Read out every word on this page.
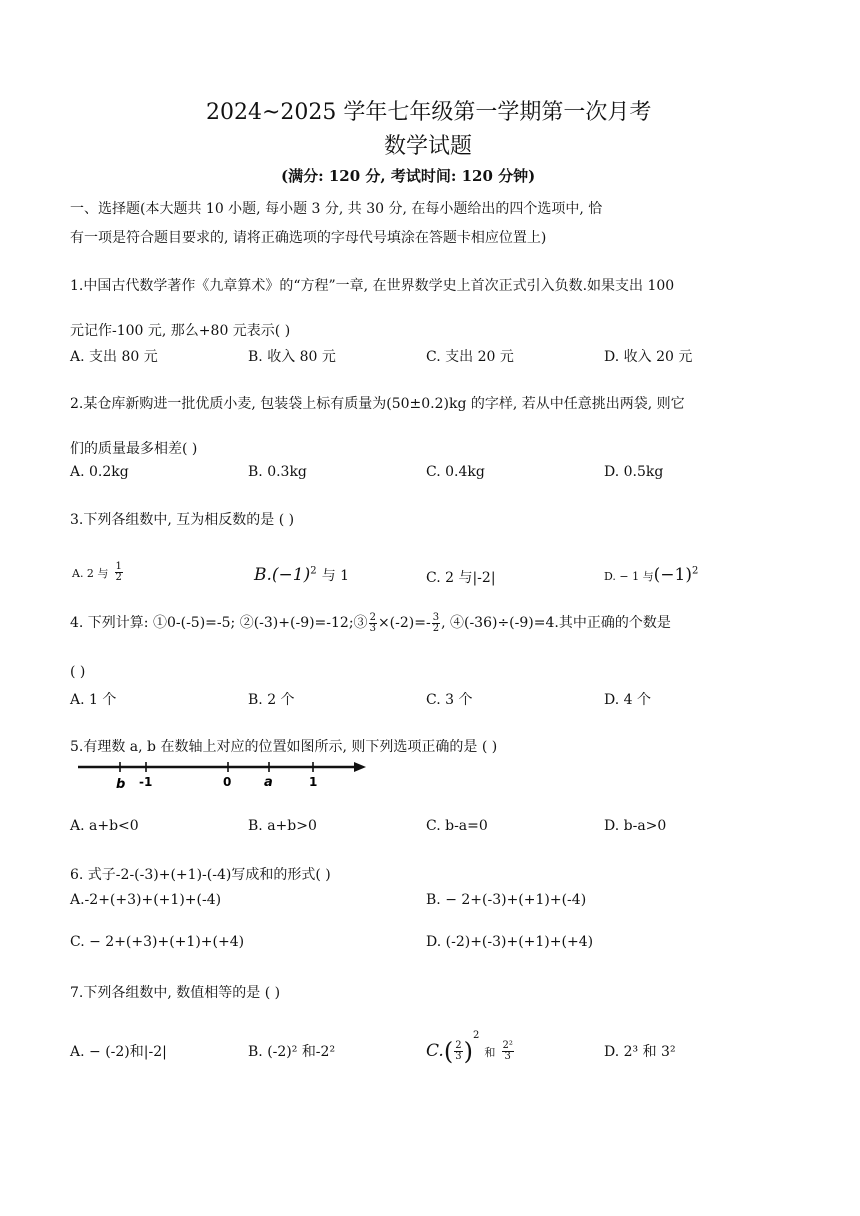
2024~2025 学年七年级第一学期第一次月考
数学试题
(满分: 120 分, 考试时间: 120 分钟)
一、选择题(本大题共 10 小题, 每小题 3 分, 共 30 分, 在每小题给出的四个选项中, 恰
有一项是符合题目要求的, 请将正确选项的字母代号填涂在答题卡相应位置上)
1.中国古代数学著作《九章算术》的“方程”一章, 在世界数学史上首次正式引入负数.如果支出 100
元记作-100 元, 那么+80 元表示( )
A. 支出 80 元	B. 收入 80 元	C. 支出 20 元	D. 收入 20 元
2.某仓库新购进一批优质小麦, 包装袋上标有质量为(50±0.2)kg 的字样, 若从中任意挑出两袋, 则它
们的质量最多相差( )
A. 0.2kg	B. 0.3kg	C. 0.4kg	D. 0.5kg
3.下列各组数中, 互为相反数的是 ( )
A. 2 与 $\frac{1}{2}$	$B.(-1)^2$ 与 1	C. 2 与|-2|	D. − 1 与$(-1)^2$
4. 下列计算: ①0-(-5)=-5; ②(-3)+(-9)=-12;③ $\frac{2}{3} \times(-2)=- \frac{3}{2}$ , ④(-36)÷(-9)=4.其中正确的个数是
( )
A. 1 个	B. 2 个	C. 3 个	D. 4 个
5.有理数 a, b 在数轴上对应的位置如图所示, 则下列选项正确的是 ( )
b -1	0	a	1
A. a+b<0	B. a+b>0	C. b-a=0	D. b-a>0
6. 式子-2-(-3)+(+1)-(-4)写成和的形式( )
A.-2+(+3)+(+1)+(-4)	B. − 2+(-3)+(+1)+(-4)
C. − 2+(+3)+(+1)+(+4)	D. (-2)+(-3)+(+1)+(+4)
7.下列各组数中, 数值相等的是 ( )
A. − (-2)和|-2|	B. (-2)² 和-2²	$C.( \frac{2}{3} )^2$ 和 $\frac{\text{2²}}{3}$	D. 2³ 和 3²
